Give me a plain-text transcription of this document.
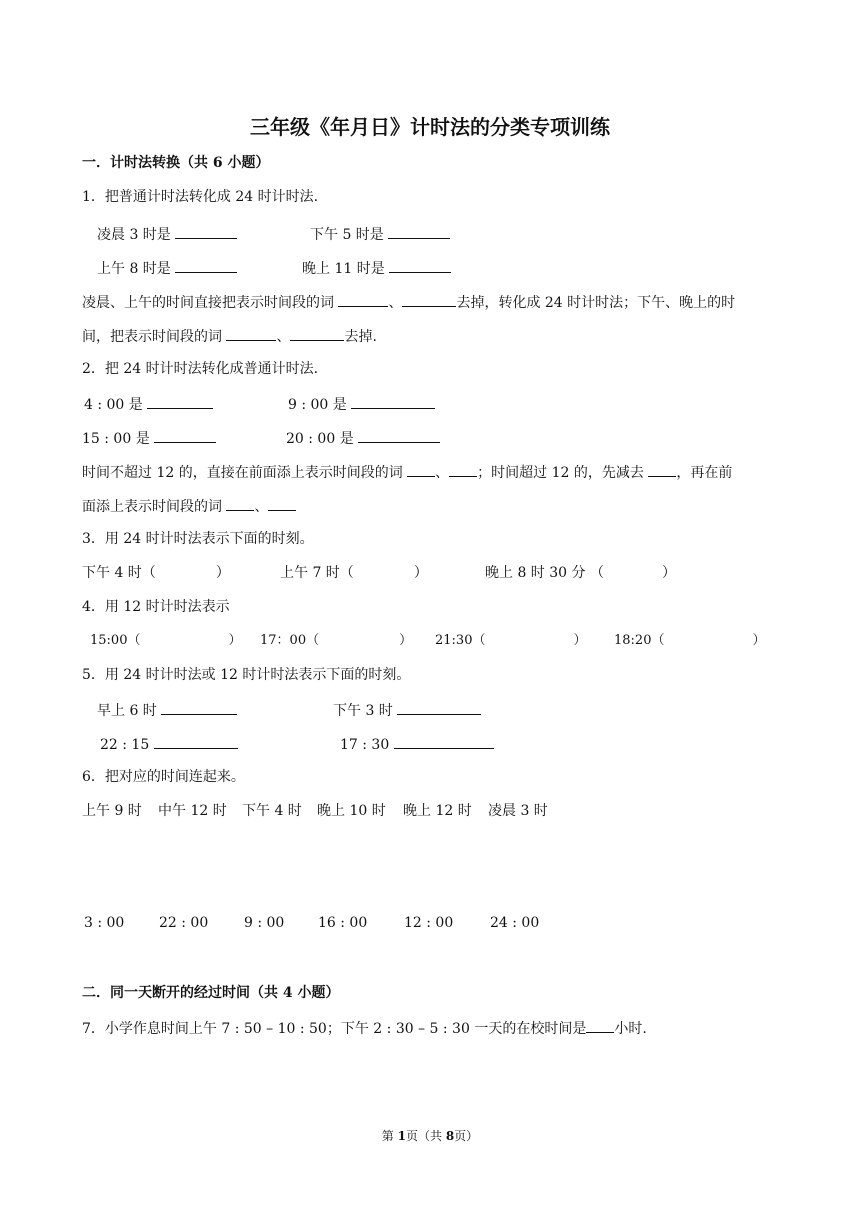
三年级《年月日》计时法的分类专项训练
一．计时法转换（共 6 小题）
1．把普通计时法转化成 24 时计时法.
凌晨 3 时是	下午 5 时是
上午 8 时是	晚上 11 时是
凌晨、上午的时间直接把表示时间段的词	、	去掉，转化成 24 时计时法；下午、晚上的时
间，把表示时间段的词	、	去掉.
2．把 24 时计时法转化成普通计时法.
4 : 00 是	9 : 00 是
15 : 00 是	20 : 00 是
时间不超过 12 的，直接在前面添上表示时间段的词 、 ；时间超过 12 的，先减去 ，再在前
面添上表示时间段的词 、
3．用 24 时计时法表示下面的时刻。
下午 4 时（	）	上午 7 时（	）	晚上 8 时 30 分 （	）
4．用 12 时计时法表示
15:00（	） 17：00（	） 21:30（	） 18:20（	）
5．用 24 时计时法或 12 时计时法表示下面的时刻。
早上 6 时	下午 3 时
22 : 15	17 : 30
6．把对应的时间连起来。
上午 9 时 中午 12 时 下午 4 时 晚上 10 时 晚上 12 时 凌晨 3 时
3 : 00 22 : 00	9 : 00 16 : 00	12 : 00	24 : 00
二．同一天断开的经过时间（共 4 小题）
7．小学作息时间上午 7 : 50 – 10 : 50；下午 2 : 30 – 5 : 30 一天的在校时间是 小时.
第 1页（共 8页）
